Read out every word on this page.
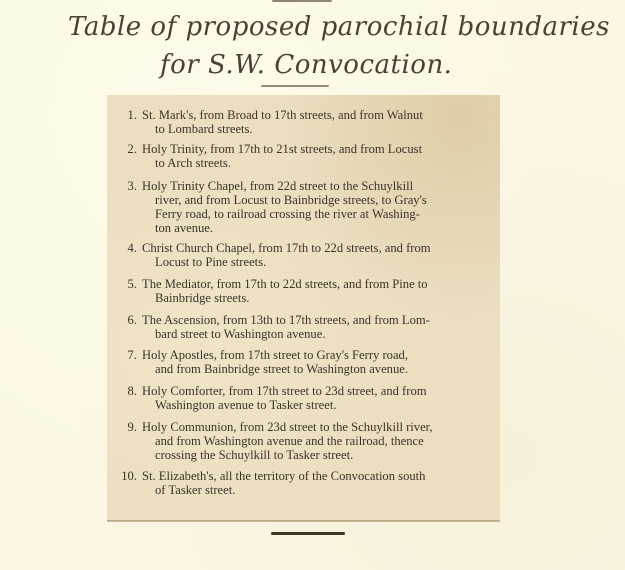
Table of proposed parochial boundaries
for S.W. Convocation.
1. St. Mark's, from Broad to 17th streets, and from Walnut
to Lombard streets.
2. Holy Trinity, from 17th to 21st streets, and from Locust
to Arch streets.
3. Holy Trinity Chapel, from 22d street to the Schuylkill
river, and from Locust to Bainbridge streets, to Gray's
Ferry road, to railroad crossing the river at Washing-
ton avenue.
4. Christ Church Chapel, from 17th to 22d streets, and from
Locust to Pine streets.
5. The Mediator, from 17th to 22d streets, and from Pine to
Bainbridge streets.
6. The Ascension, from 13th to 17th streets, and from Lom-
bard street to Washington avenue.
7. Holy Apostles, from 17th street to Gray's Ferry road,
and from Bainbridge street to Washington avenue.
8. Holy Comforter, from 17th street to 23d street, and from
Washington avenue to Tasker street.
9. Holy Communion, from 23d street to the Schuylkill river,
and from Washington avenue and the railroad, thence
crossing the Schuylkill to Tasker street.
10. St. Elizabeth's, all the territory of the Convocation south
of Tasker street.
